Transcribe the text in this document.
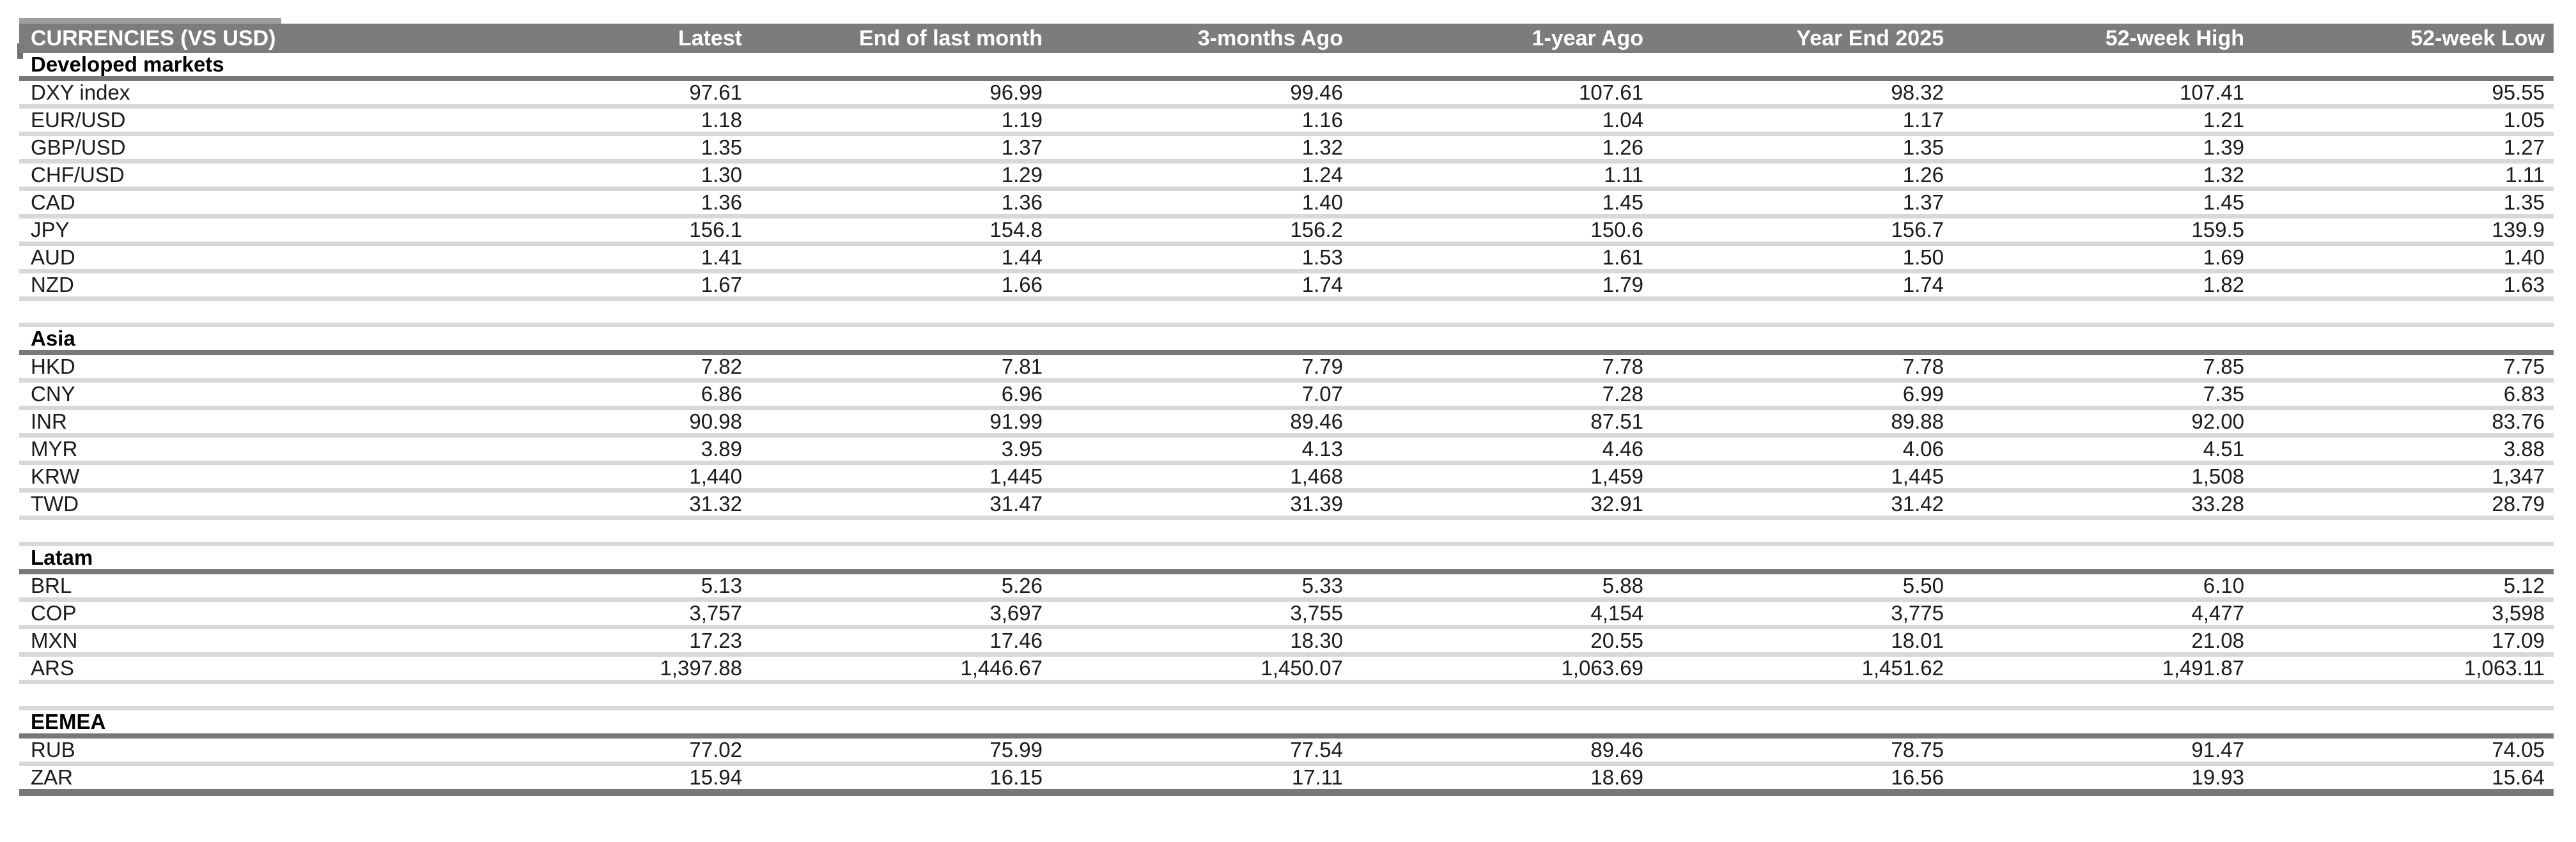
CURRENCIES (VS USD)	Latest	End of last month	3-months Ago	1-year Ago	Year End 2025	52-week High	52-week Low
Developed markets							
DXY index	97.61	96.99	99.46	107.61	98.32	107.41	95.55
EUR/USD	1.18	1.19	1.16	1.04	1.17	1.21	1.05
GBP/USD	1.35	1.37	1.32	1.26	1.35	1.39	1.27
CHF/USD	1.30	1.29	1.24	1.11	1.26	1.32	1.11
CAD	1.36	1.36	1.40	1.45	1.37	1.45	1.35
JPY	156.1	154.8	156.2	150.6	156.7	159.5	139.9
AUD	1.41	1.44	1.53	1.61	1.50	1.69	1.40
NZD	1.67	1.66	1.74	1.79	1.74	1.82	1.63

Asia							
HKD	7.82	7.81	7.79	7.78	7.78	7.85	7.75
CNY	6.86	6.96	7.07	7.28	6.99	7.35	6.83
INR	90.98	91.99	89.46	87.51	89.88	92.00	83.76
MYR	3.89	3.95	4.13	4.46	4.06	4.51	3.88
KRW	1,440	1,445	1,468	1,459	1,445	1,508	1,347
TWD	31.32	31.47	31.39	32.91	31.42	33.28	28.79

Latam							
BRL	5.13	5.26	5.33	5.88	5.50	6.10	5.12
COP	3,757	3,697	3,755	4,154	3,775	4,477	3,598
MXN	17.23	17.46	18.30	20.55	18.01	21.08	17.09
ARS	1,397.88	1,446.67	1,450.07	1,063.69	1,451.62	1,491.87	1,063.11

EEMEA							
RUB	77.02	75.99	77.54	89.46	78.75	91.47	74.05
ZAR	15.94	16.15	17.11	18.69	16.56	19.93	15.64
